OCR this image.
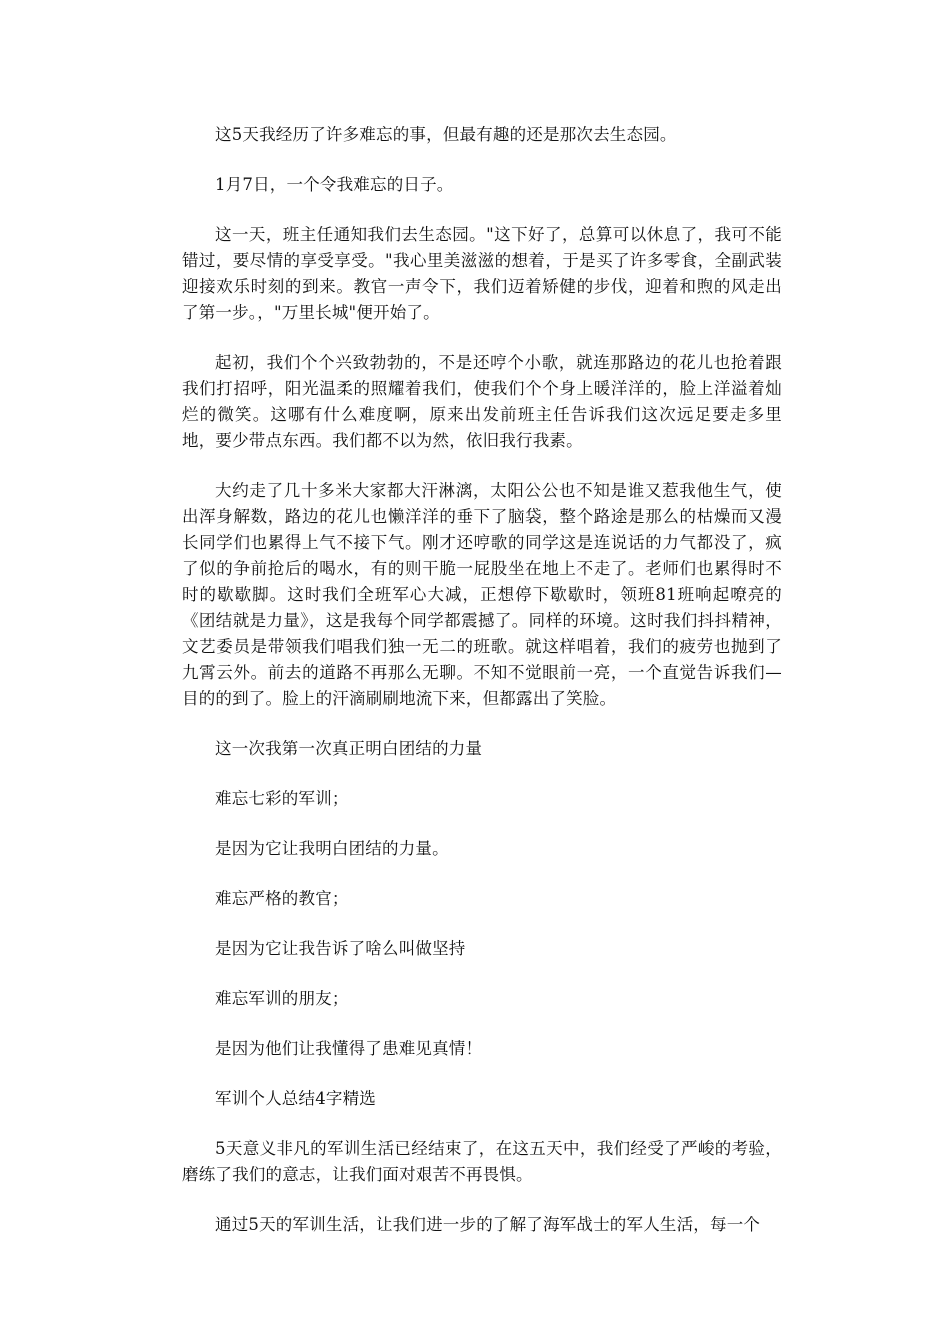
这5天我经历了许多难忘的事，但最有趣的还是那次去生态园。

1月7日，一个令我难忘的日子。

这一天，班主任通知我们去生态园。"这下好了，总算可以休息了，我可不能错过，要尽情的享受享受。"我心里美滋滋的想着，于是买了许多零食，全副武装迎接欢乐时刻的到来。教官一声令下，我们迈着矫健的步伐，迎着和煦的风走出了第一步。，"万里长城"便开始了。

起初，我们个个兴致勃勃的，不是还哼个小歌，就连那路边的花儿也抢着跟我们打招呼，阳光温柔的照耀着我们，使我们个个身上暖洋洋的，脸上洋溢着灿烂的微笑。这哪有什么难度啊，原来出发前班主任告诉我们这次远足要走多里地，要少带点东西。我们都不以为然，依旧我行我素。

大约走了几十多米大家都大汗淋漓，太阳公公也不知是谁又惹我他生气，使出浑身解数，路边的花儿也懒洋洋的垂下了脑袋，整个路途是那么的枯燥而又漫长同学们也累得上气不接下气。刚才还哼歌的同学这是连说话的力气都没了，疯了似的争前抢后的喝水，有的则干脆一屁股坐在地上不走了。老师们也累得时不时的歇歇脚。这时我们全班军心大减，正想停下歇歇时，领班81班响起嘹亮的《团结就是力量》，这是我每个同学都震撼了。同样的环境。这时我们抖抖精神，文艺委员是带领我们唱我们独一无二的班歌。就这样唱着，我们的疲劳也抛到了九霄云外。前去的道路不再那么无聊。不知不觉眼前一亮，一个直觉告诉我们—目的的到了。脸上的汗滴刷刷地流下来，但都露出了笑脸。

这一次我第一次真正明白团结的力量

难忘七彩的军训；

是因为它让我明白团结的力量。

难忘严格的教官；

是因为它让我告诉了啥么叫做坚持

难忘军训的朋友；

是因为他们让我懂得了患难见真情！

军训个人总结4字精选

5天意义非凡的军训生活已经结束了，在这五天中，我们经受了严峻的考验，磨练了我们的意志，让我们面对艰苦不再畏惧。

通过5天的军训生活，让我们进一步的了解了海军战士的军人生活，每一个
